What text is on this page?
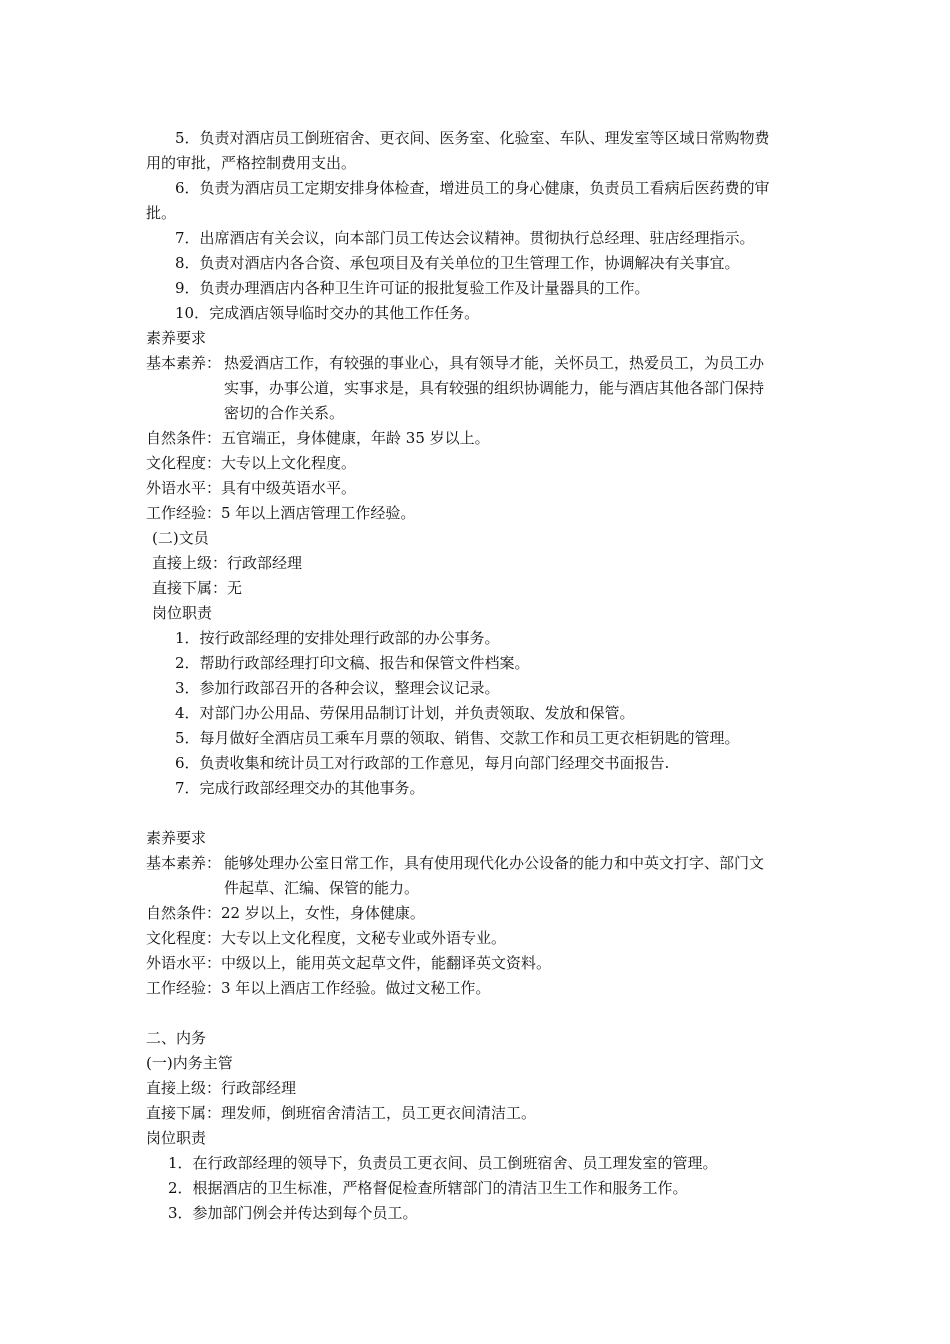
5．负责对酒店员工倒班宿舍、更衣间、医务室、化验室、车队、理发室等区域日常购物费
用的审批，严格控制费用支出。
6．负责为酒店员工定期安排身体检查，增进员工的身心健康，负责员工看病后医药费的审
批。
7．出席酒店有关会议，向本部门员工传达会议精神。贯彻执行总经理、驻店经理指示。
8．负责对酒店内各合资、承包项目及有关单位的卫生管理工作，协调解决有关事宜。
9．负责办理酒店内各种卫生许可证的报批复验工作及计量器具的工作。
10．完成酒店领导临时交办的其他工作任务。
素养要求
基本素养： 热爱酒店工作，有较强的事业心，具有领导才能，关怀员工，热爱员工，为员工办
实事，办事公道，实事求是，具有较强的组织协调能力，能与酒店其他各部门保持
密切的合作关系。
自然条件：五官端正，身体健康，年龄 35 岁以上。
文化程度：大专以上文化程度。
外语水平：具有中级英语水平。
工作经验：5 年以上酒店管理工作经验。
(二)文员
直接上级：行政部经理
直接下属：无
岗位职责
1．按行政部经理的安排处理行政部的办公事务。
2．帮助行政部经理打印文稿、报告和保管文件档案。
3．参加行政部召开的各种会议，整理会议记录。
4．对部门办公用品、劳保用品制订计划，并负责领取、发放和保管。
5．每月做好全酒店员工乘车月票的领取、销售、交款工作和员工更衣柜钥匙的管理。
6．负责收集和统计员工对行政部的工作意见，每月向部门经理交书面报告.
7．完成行政部经理交办的其他事务。
素养要求
基本素养： 能够处理办公室日常工作，具有使用现代化办公设备的能力和中英文打字、部门文
件起草、汇编、保管的能力。
自然条件：22 岁以上，女性，身体健康。
文化程度：大专以上文化程度，文秘专业或外语专业。
外语水平：中级以上，能用英文起草文件，能翻译英文资料。
工作经验：3 年以上酒店工作经验。做过文秘工作。
二、内务
(一)内务主管
直接上级：行政部经理
直接下属：理发师，倒班宿舍清洁工，员工更衣间清洁工。
岗位职责
1．在行政部经理的领导下，负责员工更衣间、员工倒班宿舍、员工理发室的管理。
2．根据酒店的卫生标准，严格督促检查所辖部门的清洁卫生工作和服务工作。
3．参加部门例会并传达到每个员工。
